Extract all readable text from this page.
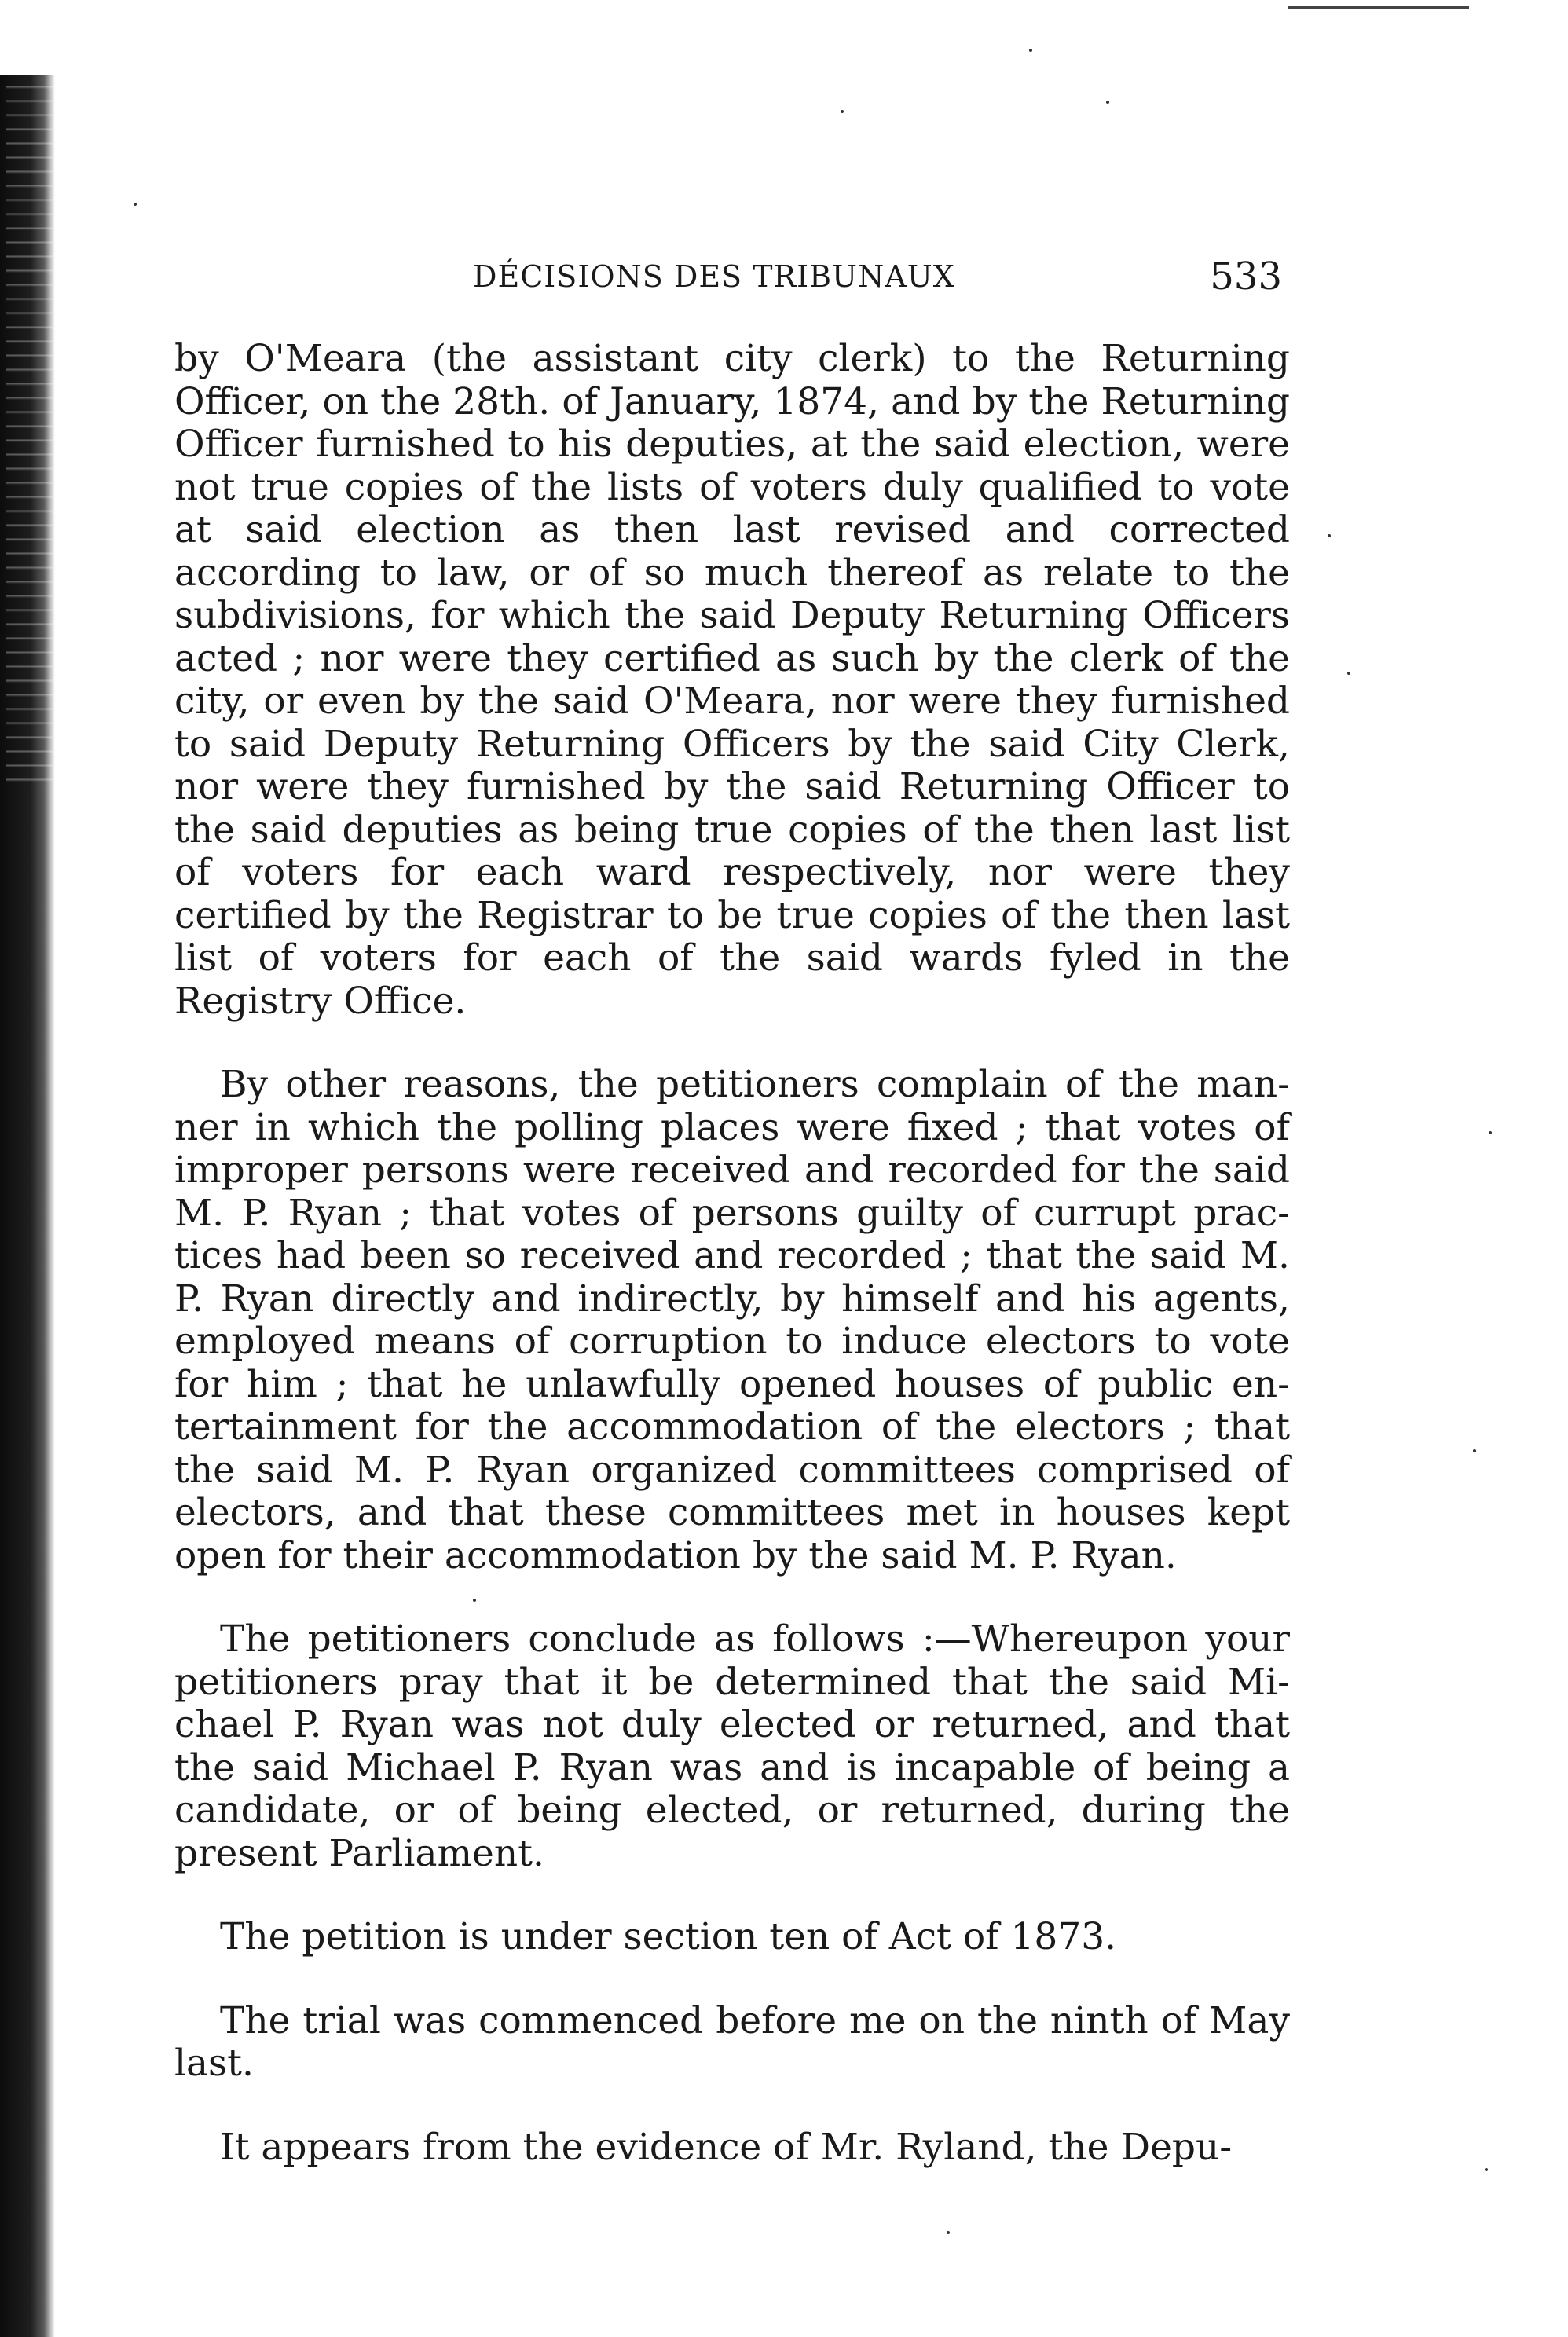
DÉCISIONS DES TRIBUNAUX	533

by O'Meara (the assistant city clerk) to the Returning Officer, on the 28th. of January, 1874, and by the Returning Officer furnished to his deputies, at the said election, were not true copies of the lists of voters duly qualified to vote at said election as then last revised and corrected according to law, or of so much thereof as relate to the subdivisions, for which the said Deputy Returning Officers acted ; nor were they certified as such by the clerk of the city, or even by the said O'Meara, nor were they furnished to said Deputy Returning Officers by the said City Clerk, nor were they furnished by the said Returning Officer to the said deputies as being true copies of the then last list of voters for each ward respectively, nor were they certified by the Registrar to be true copies of the then last list of voters for each of the said wards fyled in the Registry Office.

By other reasons, the petitioners complain of the manner in which the polling places were fixed ; that votes of improper persons were received and recorded for the said M. P. Ryan ; that votes of persons guilty of currupt practices had been so received and recorded ; that the said M. P. Ryan directly and indirectly, by himself and his agents, employed means of corruption to induce electors to vote for him ; that he unlawfully opened houses of public entertainment for the accommodation of the electors ; that the said M. P. Ryan organized committees comprised of electors, and that these committees met in houses kept open for their accommodation by the said M. P. Ryan.

The petitioners conclude as follows :—Whereupon your petitioners pray that it be determined that the said Michael P. Ryan was not duly elected or returned, and that the said Michael P. Ryan was and is incapable of being a candidate, or of being elected, or returned, during the present Parliament.

The petition is under section ten of Act of 1873.

The trial was commenced before me on the ninth of May last.

It appears from the evidence of Mr. Ryland, the Depu-
